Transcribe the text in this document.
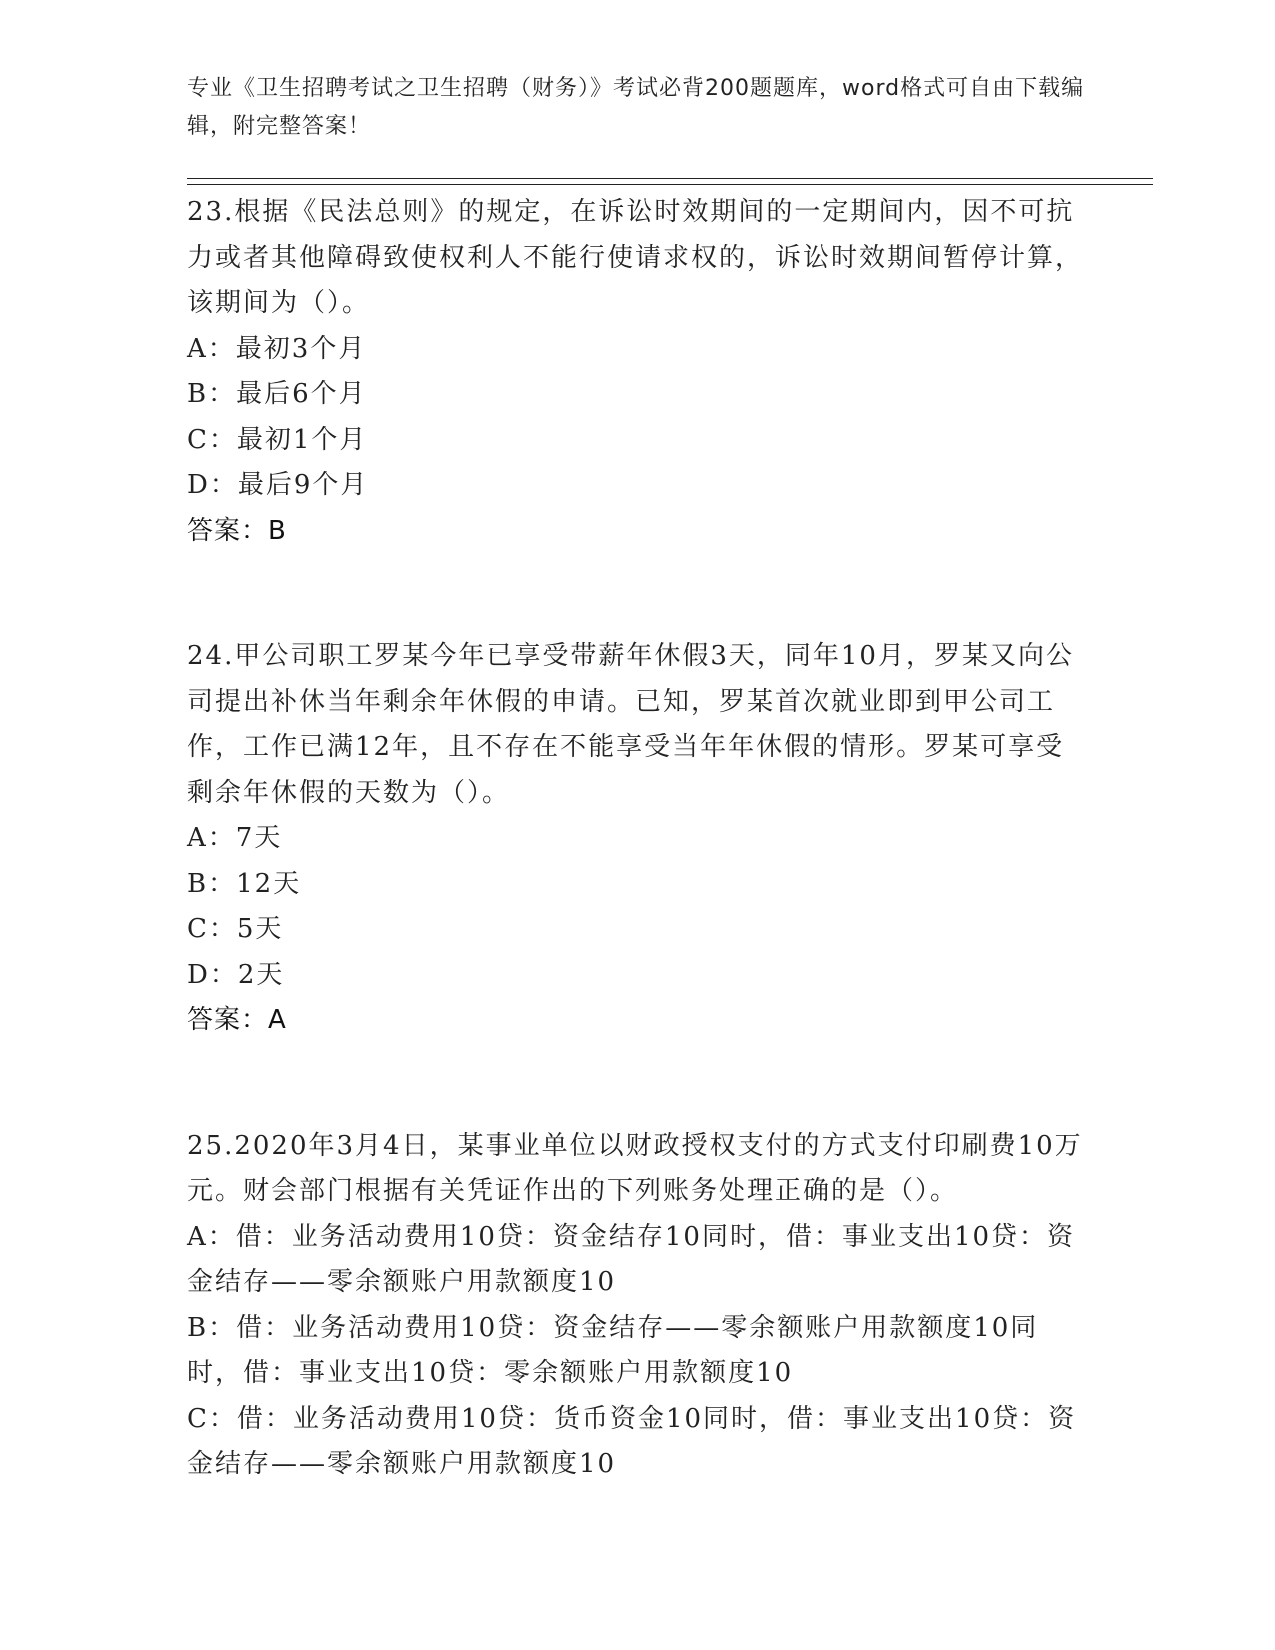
专业《卫生招聘考试之卫生招聘（财务）》考试必背200题题库，word格式可自由下载编辑，附完整答案！

23.根据《民法总则》的规定，在诉讼时效期间的一定期间内，因不可抗力或者其他障碍致使权利人不能行使请求权的，诉讼时效期间暂停计算，该期间为（）。

A：最初3个月

B：最后6个月

C：最初1个月

D：最后9个月

答案：B

24.甲公司职工罗某今年已享受带薪年休假3天，同年10月，罗某又向公司提出补休当年剩余年休假的申请。已知，罗某首次就业即到甲公司工作，工作已满12年，且不存在不能享受当年年休假的情形。罗某可享受剩余年休假的天数为（）。

A：7天

B：12天

C：5天

D：2天

答案：A

25.2020年3月4日，某事业单位以财政授权支付的方式支付印刷费10万元。财会部门根据有关凭证作出的下列账务处理正确的是（）。

A：借：业务活动费用10贷：资金结存10同时，借：事业支出10贷：资金结存——零余额账户用款额度10

B：借：业务活动费用10贷：资金结存——零余额账户用款额度10同时，借：事业支出10贷：零余额账户用款额度10

C：借：业务活动费用10贷：货币资金10同时，借：事业支出10贷：资金结存——零余额账户用款额度10
